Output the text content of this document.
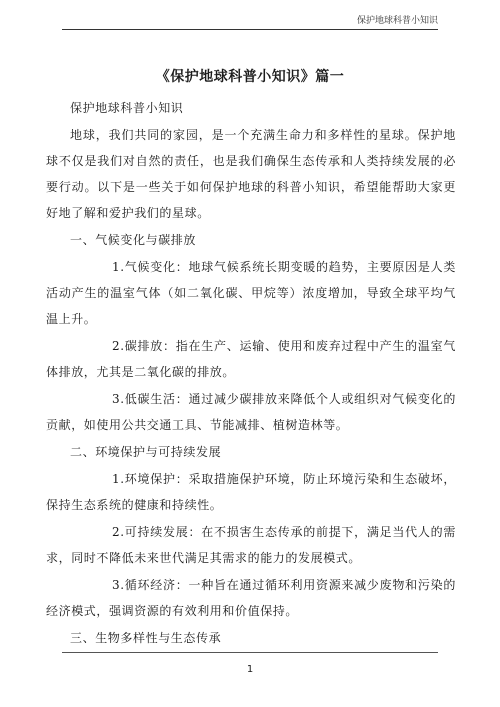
保护地球科普小知识
《保护地球科普小知识》篇一

保护地球科普小知识

地球，我们共同的家园，是一个充满生命力和多样性的星球。保护地球不仅是我们对自然的责任，也是我们确保生态传承和人类持续发展的必要行动。以下是一些关于如何保护地球的科普小知识，希望能帮助大家更好地了解和爱护我们的星球。

一、气候变化与碳排放

1.气候变化：地球气候系统长期变暖的趋势，主要原因是人类活动产生的温室气体（如二氧化碳、甲烷等）浓度增加，导致全球平均气温上升。

2.碳排放：指在生产、运输、使用和废弃过程中产生的温室气体排放，尤其是二氧化碳的排放。

3.低碳生活：通过减少碳排放来降低个人或组织对气候变化的贡献，如使用公共交通工具、节能减排、植树造林等。

二、环境保护与可持续发展

1.环境保护：采取措施保护环境，防止环境污染和生态破坏，保持生态系统的健康和持续性。

2.可持续发展：在不损害生态传承的前提下，满足当代人的需求，同时不降低未来世代满足其需求的能力的发展模式。

3.循环经济：一种旨在通过循环利用资源来减少废物和污染的经济模式，强调资源的有效利用和价值保持。

三、生物多样性与生态传承

1
